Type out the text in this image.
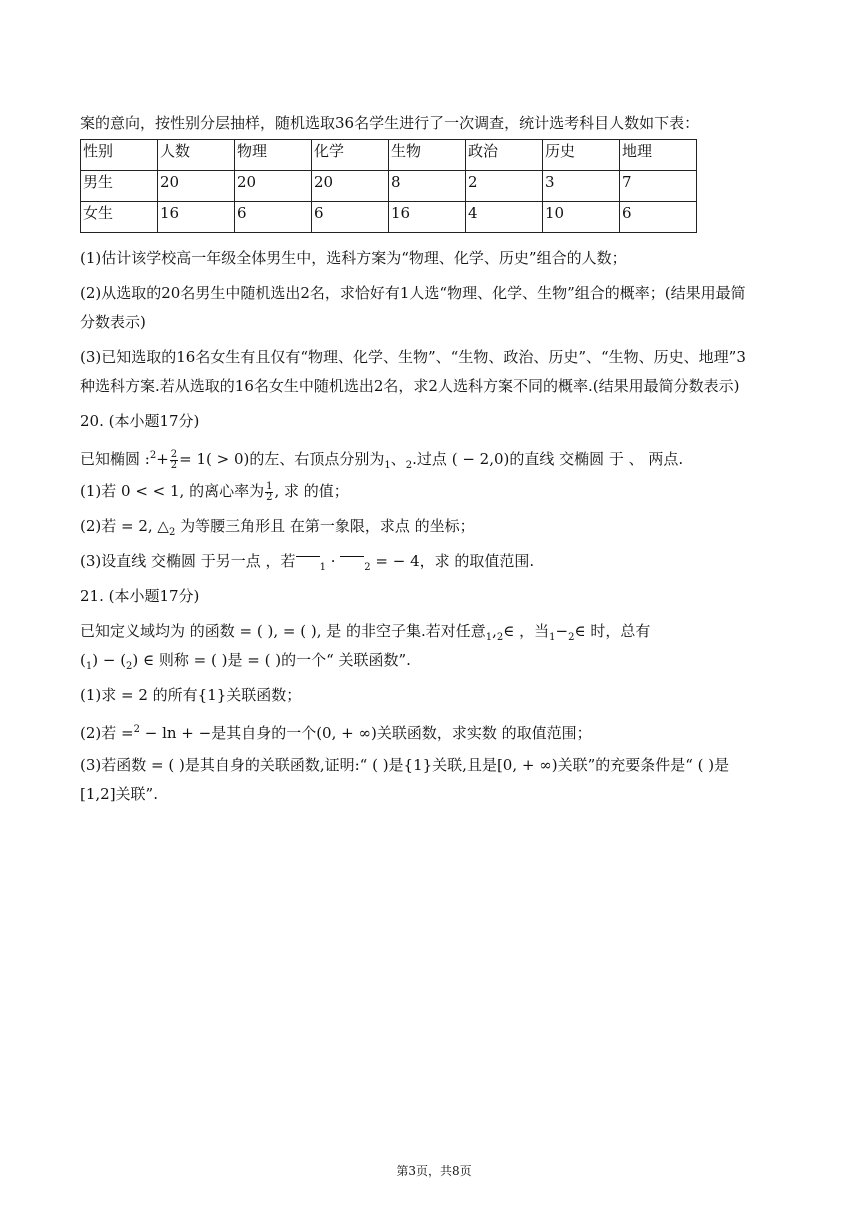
案的意向，按性别分层抽样，随机选取36名学生进行了一次调查，统计选考科目人数如下表：
性别	人数	物理	化学	生物	政治	历史	地理
男生	20	20	20	8	2	3	7
女生	16	6	6	16	4	10	6
(1)估计该学校高一年级全体男生中，选科方案为“物理、化学、历史”组合的人数；
(2)从选取的20名男生中随机选出2名，求恰好有1人选“物理、化学、生物”组合的概率；(结果用最简
分数表示)
(3)已知选取的16名女生有且仅有“物理、化学、生物”、“生物、政治、历史”、“生物、历史、地理”3
种选科方案.若从选取的16名女生中随机选出2名，求2人选科方案不同的概率.(结果用最简分数表示)
20. (本小题17分)
已知椭圆 :$^2$+ $\frac{2}{2} = 1( > 0)$的左、右顶点分别为$_1$、$_2$.过点 ( − 2,0)的直线 交椭圆 于 、 两点.
(1)若 0 < < 1, 的离心率为 $\frac{1}{2}$ , 求 的值；
(2)若 = 2, $\triangle_2$ 为等腰三角形且 在第一象限，求点 的坐标；
(3)设直线 交椭圆 于另一点 ，若 $_1$ · $_2$ = − 4，求 的取值范围.
21. (本小题17分)
已知定义域均为 的函数 = ( ), = ( ), 是 的非空子集.若对任意$_1,_2\in$ ，当$_1-_2\in$ 时，总有
$(_1) - (_2)$ ∈ 则称 = ( )是 = ( )的一个“ 关联函数”.
(1)求 = 2 的所有{1}关联函数；
(2)若 =$^2$ − ln + −是其自身的一个(0, + ∞)关联函数，求实数 的取值范围；
(3)若函数 = ( )是其自身的关联函数,证明:“ ( )是{1}关联,且是[0, + ∞)关联”的充要条件是“ ( )是
[1,2]关联”.
第3页，共8页
